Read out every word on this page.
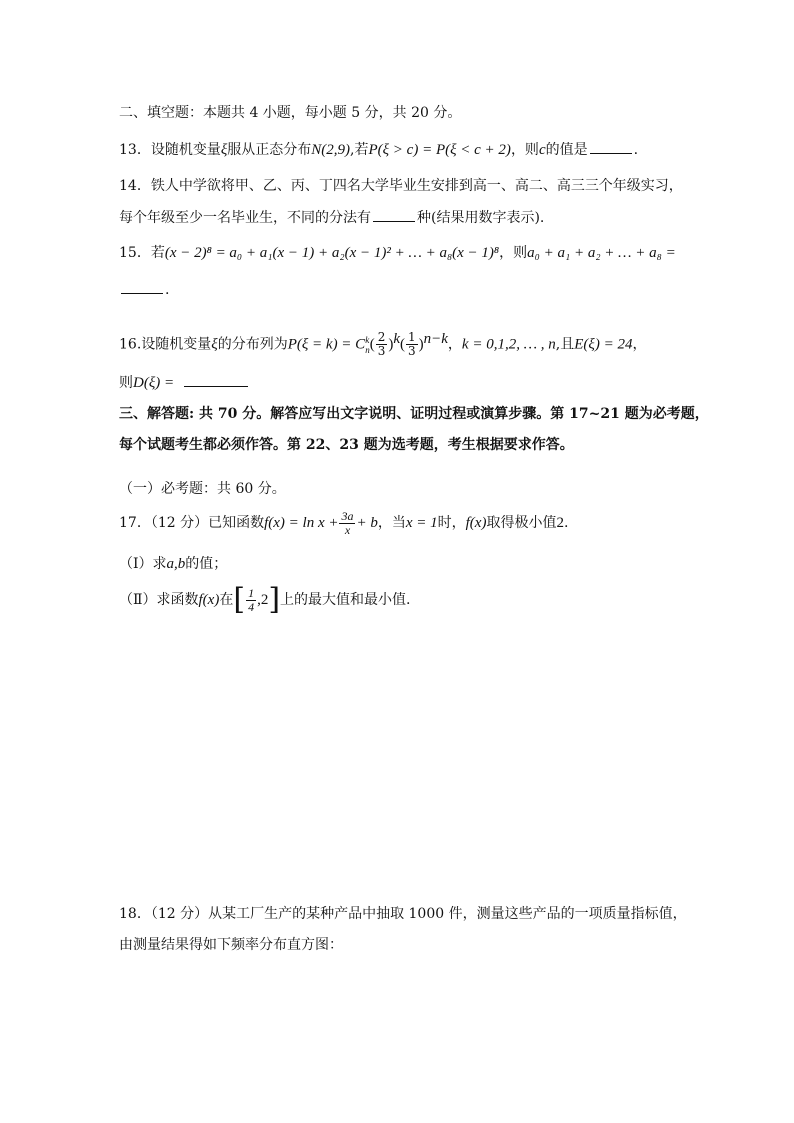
二、填空题：本题共 4 小题，每小题 5 分，共 20 分。
13．设随机变量ξ服从正态分布N(2,9),若P(ξ > c) = P(ξ < c + 2)，则c的值是	.
14．铁人中学欲将甲、乙、丙、丁四名大学毕业生安排到高一、高二、高三三个年级实习，
每个年级至少一名毕业生，不同的分法有	种(结果用数字表示).
15．若(x − 2)⁸ = a₀ + a₁(x − 1) + a₂(x − 1)² + … + a₈(x − 1)⁸，则a₀ + a₁ + a₂ + … + a₈ =
.
16.设随机变量ξ的分布列为P(ξ = k) = Ck
$n( \frac{2}{3} )^k( \frac{1}{3} )^{n-k}$，k = 0,1,2, … , n,且E(ξ) = 24，
则D(ξ) =
三、解答题: 共 70 分。解答应写出文字说明、证明过程或演算步骤。第 17~21 题为必考题，
每个试题考生都必须作答。第 22、23 题为选考题，考生根据要求作答。
（一）必考题：共 60 分。
17．（12 分）已知函数$f(x) = \ln x + \frac{3a}{x} + b$，当x = 1时，f(x)取得极小值2.
（Ⅰ）求a,b的值；
（Ⅱ）求函数f(x)在[ $\frac{1}{4} ,2$]上的最大值和最小值.
18．（12 分）从某工厂生产的某种产品中抽取 1000 件，测量这些产品的一项质量指标值，
由测量结果得如下频率分布直方图：
